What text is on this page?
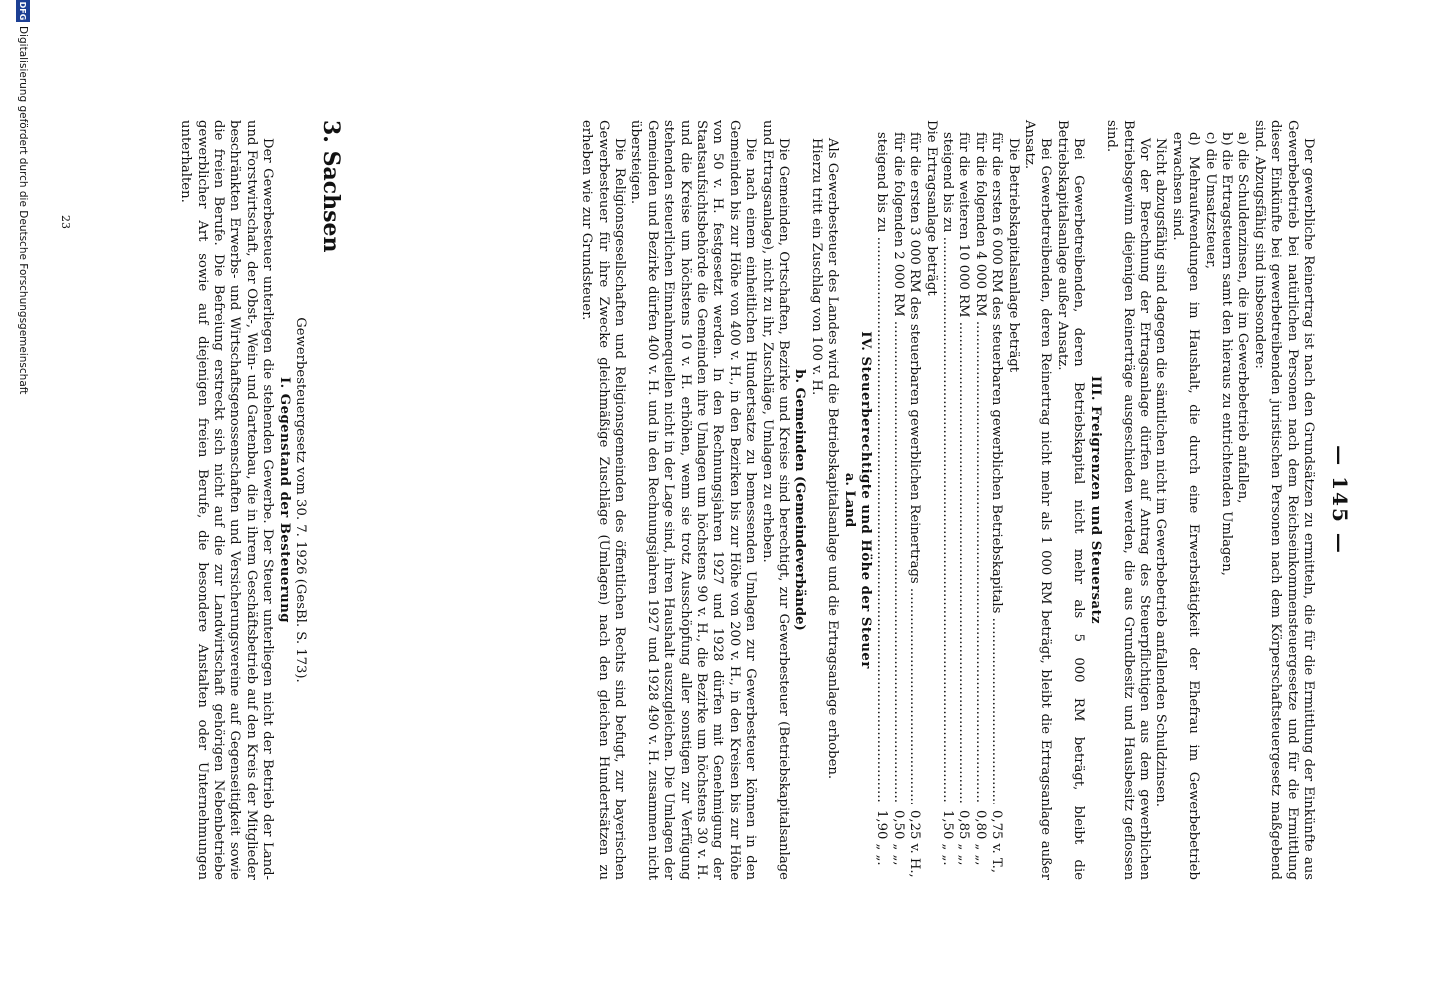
— 145 —

Der gewerbliche Reinertrag ist nach den Grundsätzen zu ermitteln, die für die Ermittlung der Einkünfte aus Gewerbebetrieb bei natürlichen Personen nach dem Reichseinkommensteuergesetze und für die Ermittlung dieser Einkünfte bei gewerbetreibenden juristischen Personen nach dem Körperschaftsteuergesetz maßgebend sind. Abzugsfähig sind insbesondere:

a) die Schuldenzinsen, die im Gewerbebetrieb anfallen,

b) die Ertragsteuern samt den hieraus zu entrichtenden Umlagen,

c) die Umsatzsteuer,

d) Mehraufwendungen im Haushalt, die durch eine Erwerbstätigkeit der Ehefrau im Gewerbebetrieb erwachsen sind.

Nicht abzugsfähig sind dagegen die sämtlichen nicht im Gewerbebetrieb anfallenden Schuldzinsen.

Vor der Berechnung der Ertragsanlage dürfen auf Antrag des Steuerpflichtigen aus dem gewerblichen Betriebsgewinn diejenigen Reinerträge ausgeschieden werden, die aus Grundbesitz und Hausbesitz geflossen sind.

III. Freigrenzen und Steuersatz

Bei Gewerbetreibenden, deren Betriebskapital nicht mehr als 5 000 RM beträgt, bleibt die Betriebskapitalsanlage außer Ansatz.

Bei Gewerbetreibenden, deren Reinertrag nicht mehr als 1 000 RM beträgt, bleibt die Ertragsanlage außer Ansatz.

Die Betriebskapitalsanlage beträgt

für die ersten 6 000 RM des steuerbaren gewerblichen Betriebskapitals .....
0,75 v. T.,
für die folgenden 4 000 RM .....
0,80 „ „,
für die weiteren 10 000 RM .....
0,85 „ „,
steigend bis zu .....
1,50 „ „.

Die Ertragsanlage beträgt

für die ersten 3 000 RM des steuerbaren gewerblichen Reinertrags .....
0,25 v. H.,
für die folgenden 2 000 RM .....
0,50 „ „,
steigend bis zu .....
1,90 „ „.

IV. Steuerberechtigte und Höhe der Steuer

a. Land

Als Gewerbesteuer des Landes wird die Betriebskapitalsanlage und die Ertragsanlage erhoben.

Hierzu tritt ein Zuschlag von 100 v. H.

b. Gemeinden (Gemeindeverbände)

Die Gemeinden, Ortschaften, Bezirke und Kreise sind berechtigt, zur Gewerbesteuer (Betriebskapitalsanlage und Ertragsanlage), nicht zu ihr, Zuschläge, Umlagen zu erheben.

Die nach einem einheitlichen Hundertsatze zu bemessenden Umlagen zur Gewerbesteuer können in den Gemeinden bis zur Höhe von 400 v. H., in den Bezirken bis zur Höhe von 200 v. H., in den Kreisen bis zur Höhe von 50 v. H. festgesetzt werden. In den Rechnungsjahren 1927 und 1928 dürfen mit Genehmigung der Staatsaufsichtsbehörde die Gemeinden ihre Umlagen um höchstens 90 v. H., die Bezirke um höchstens 30 v. H. und die Kreise um höchstens 10 v. H. erhöhen, wenn sie trotz Ausschöpfung aller sonstigen zur Verfügung stehenden steuerlichen Einnahmequellen nicht in der Lage sind, ihren Haushalt auszugleichen. Die Umlagen der Gemeinden und Bezirke dürfen 400 v. H. und in den Rechnungsjahren 1927 und 1928 490 v. H. zusammen nicht übersteigen.

Die Religionsgesellschaften und Religionsgemeinden des öffentlichen Rechts sind befugt, zur bayerischen Gewerbesteuer für ihre Zwecke gleichmäßige Zuschläge (Umlagen) nach den gleichen Hundertsätzen zu erheben wie zur Grundsteuer.

3. Sachsen

Gewerbesteuergesetz vom 30. 7. 1926 (GesBl. S. 173).

I. Gegenstand der Besteuerung

Der Gewerbesteuer unterliegen die stehenden Gewerbe. Der Steuer unterliegen nicht der Betrieb der Land- und Forstwirtschaft, der Obst-, Wein- und Gartenbau, die in ihrem Geschäftsbetrieb auf den Kreis der Mitglieder beschränkten Erwerbs- und Wirtschaftsgenossenschaften und Versicherungsvereine auf Gegenseitigkeit sowie die freien Berufe. Die Befreiung erstreckt sich nicht auf die zur Landwirtschaft gehörigen Nebenbetriebe gewerblicher Art sowie auf diejenigen freien Berufe, die besondere Anstalten oder Unternehmungen unterhalten.

23
DFG
Digitalisierung gefördert durch die Deutsche Forschungsgemeinschaft
